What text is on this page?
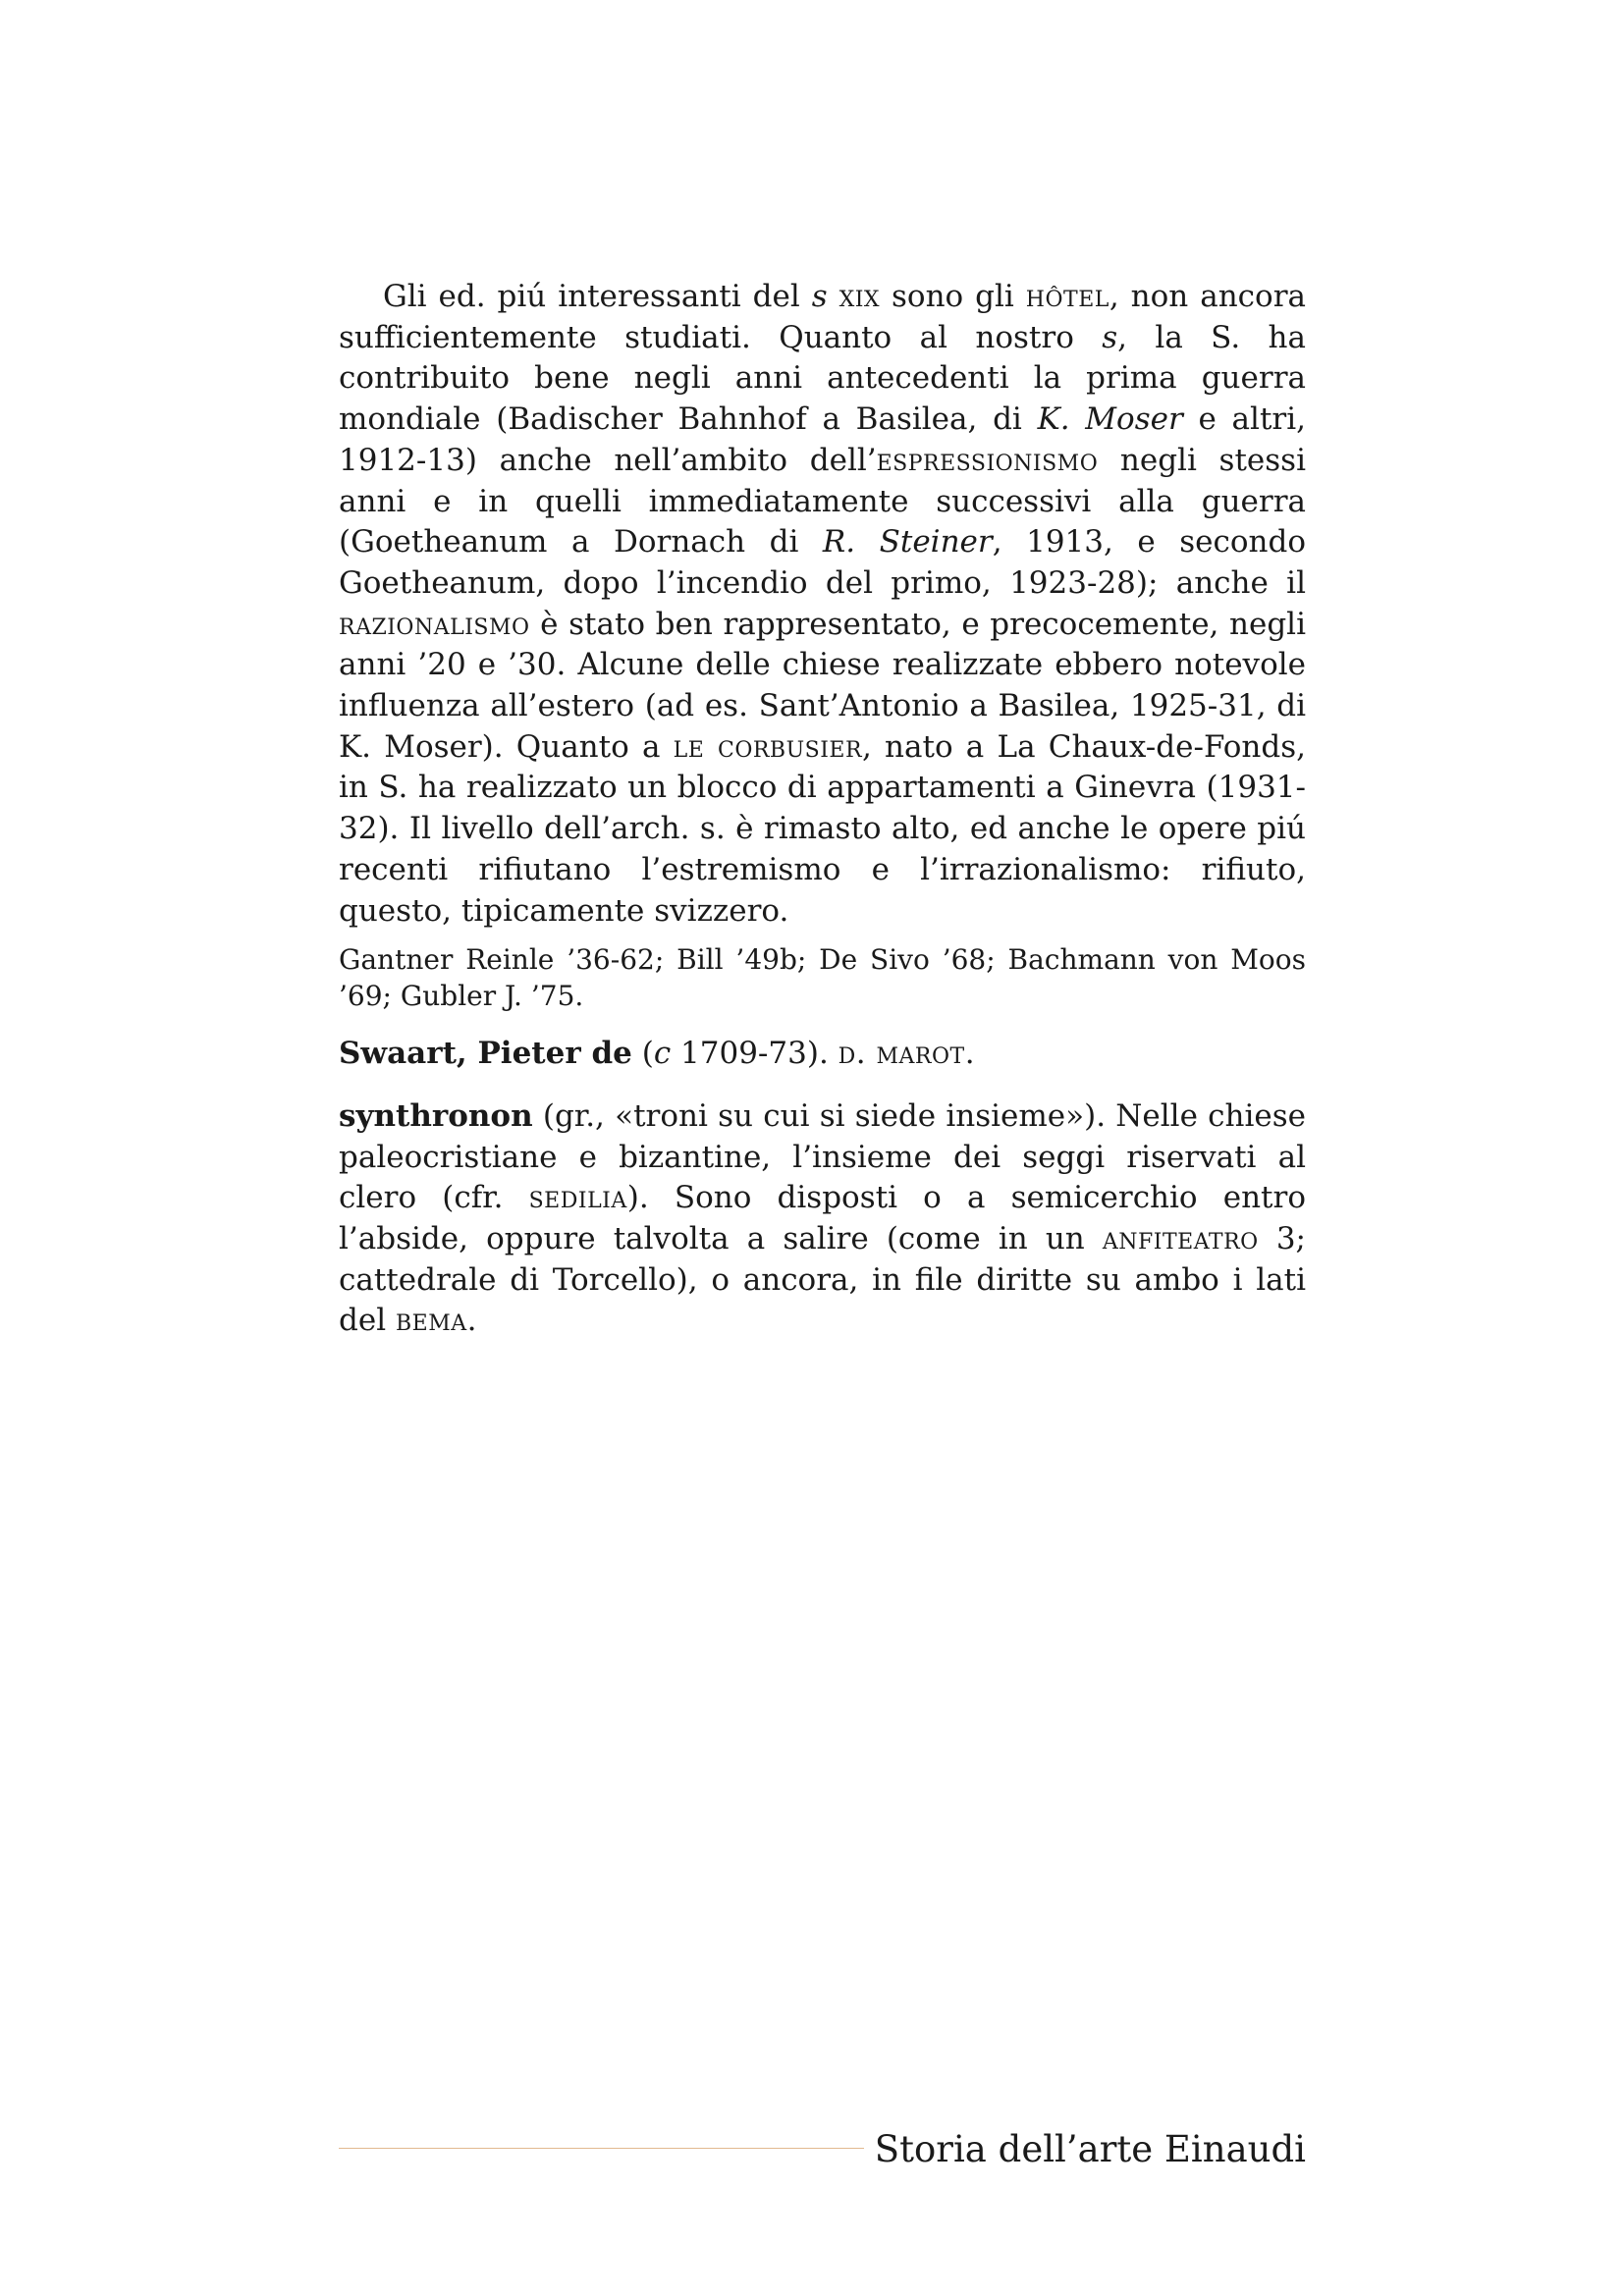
Gli ed. piú interessanti del s xix sono gli hôtel, non ancora sufficientemente studiati. Quanto al nostro s, la S. ha contribuito bene negli anni antecedenti la prima guerra mondiale (Badischer Bahnhof a Basilea, di K. Moser e altri, 1912-13) anche nell’ambito dell’espressionismo negli stessi anni e in quelli immediatamente successivi alla guerra (Goetheanum a Dornach di R. Steiner, 1913, e secondo Goetheanum, dopo l’incendio del primo, 1923-28); anche il razionalismo è stato ben rappresentato, e precocemente, negli anni ’20 e ’30. Alcune delle chiese realizzate ebbero notevole influenza all’estero (ad es. Sant’Antonio a Basilea, 1925-31, di K. Moser). Quanto a le corbusier, nato a La Chaux-de-Fonds, in S. ha realizzato un blocco di appartamenti a Ginevra (1931-32). Il livello dell’arch. s. è rimasto alto, ed anche le opere piú recenti rifiutano l’estremismo e l’irrazionalismo: rifiuto, questo, tipicamente svizzero.

Gantner Reinle ’36-62; Bill ’49b; De Sivo ’68; Bachmann von Moos ’69; Gubler J. ’75.

Swaart, Pieter de (c 1709-73). d. marot.

synthronon (gr., «troni su cui si siede insieme»). Nelle chiese paleocristiane e bizantine, l’insieme dei seggi riservati al clero (cfr. sedilia). Sono disposti o a semicerchio entro l’abside, oppure talvolta a salire (come in un anfiteatro 3; cattedrale di Torcello), o ancora, in file diritte su ambo i lati del bema.

Storia dell’arte Einaudi
